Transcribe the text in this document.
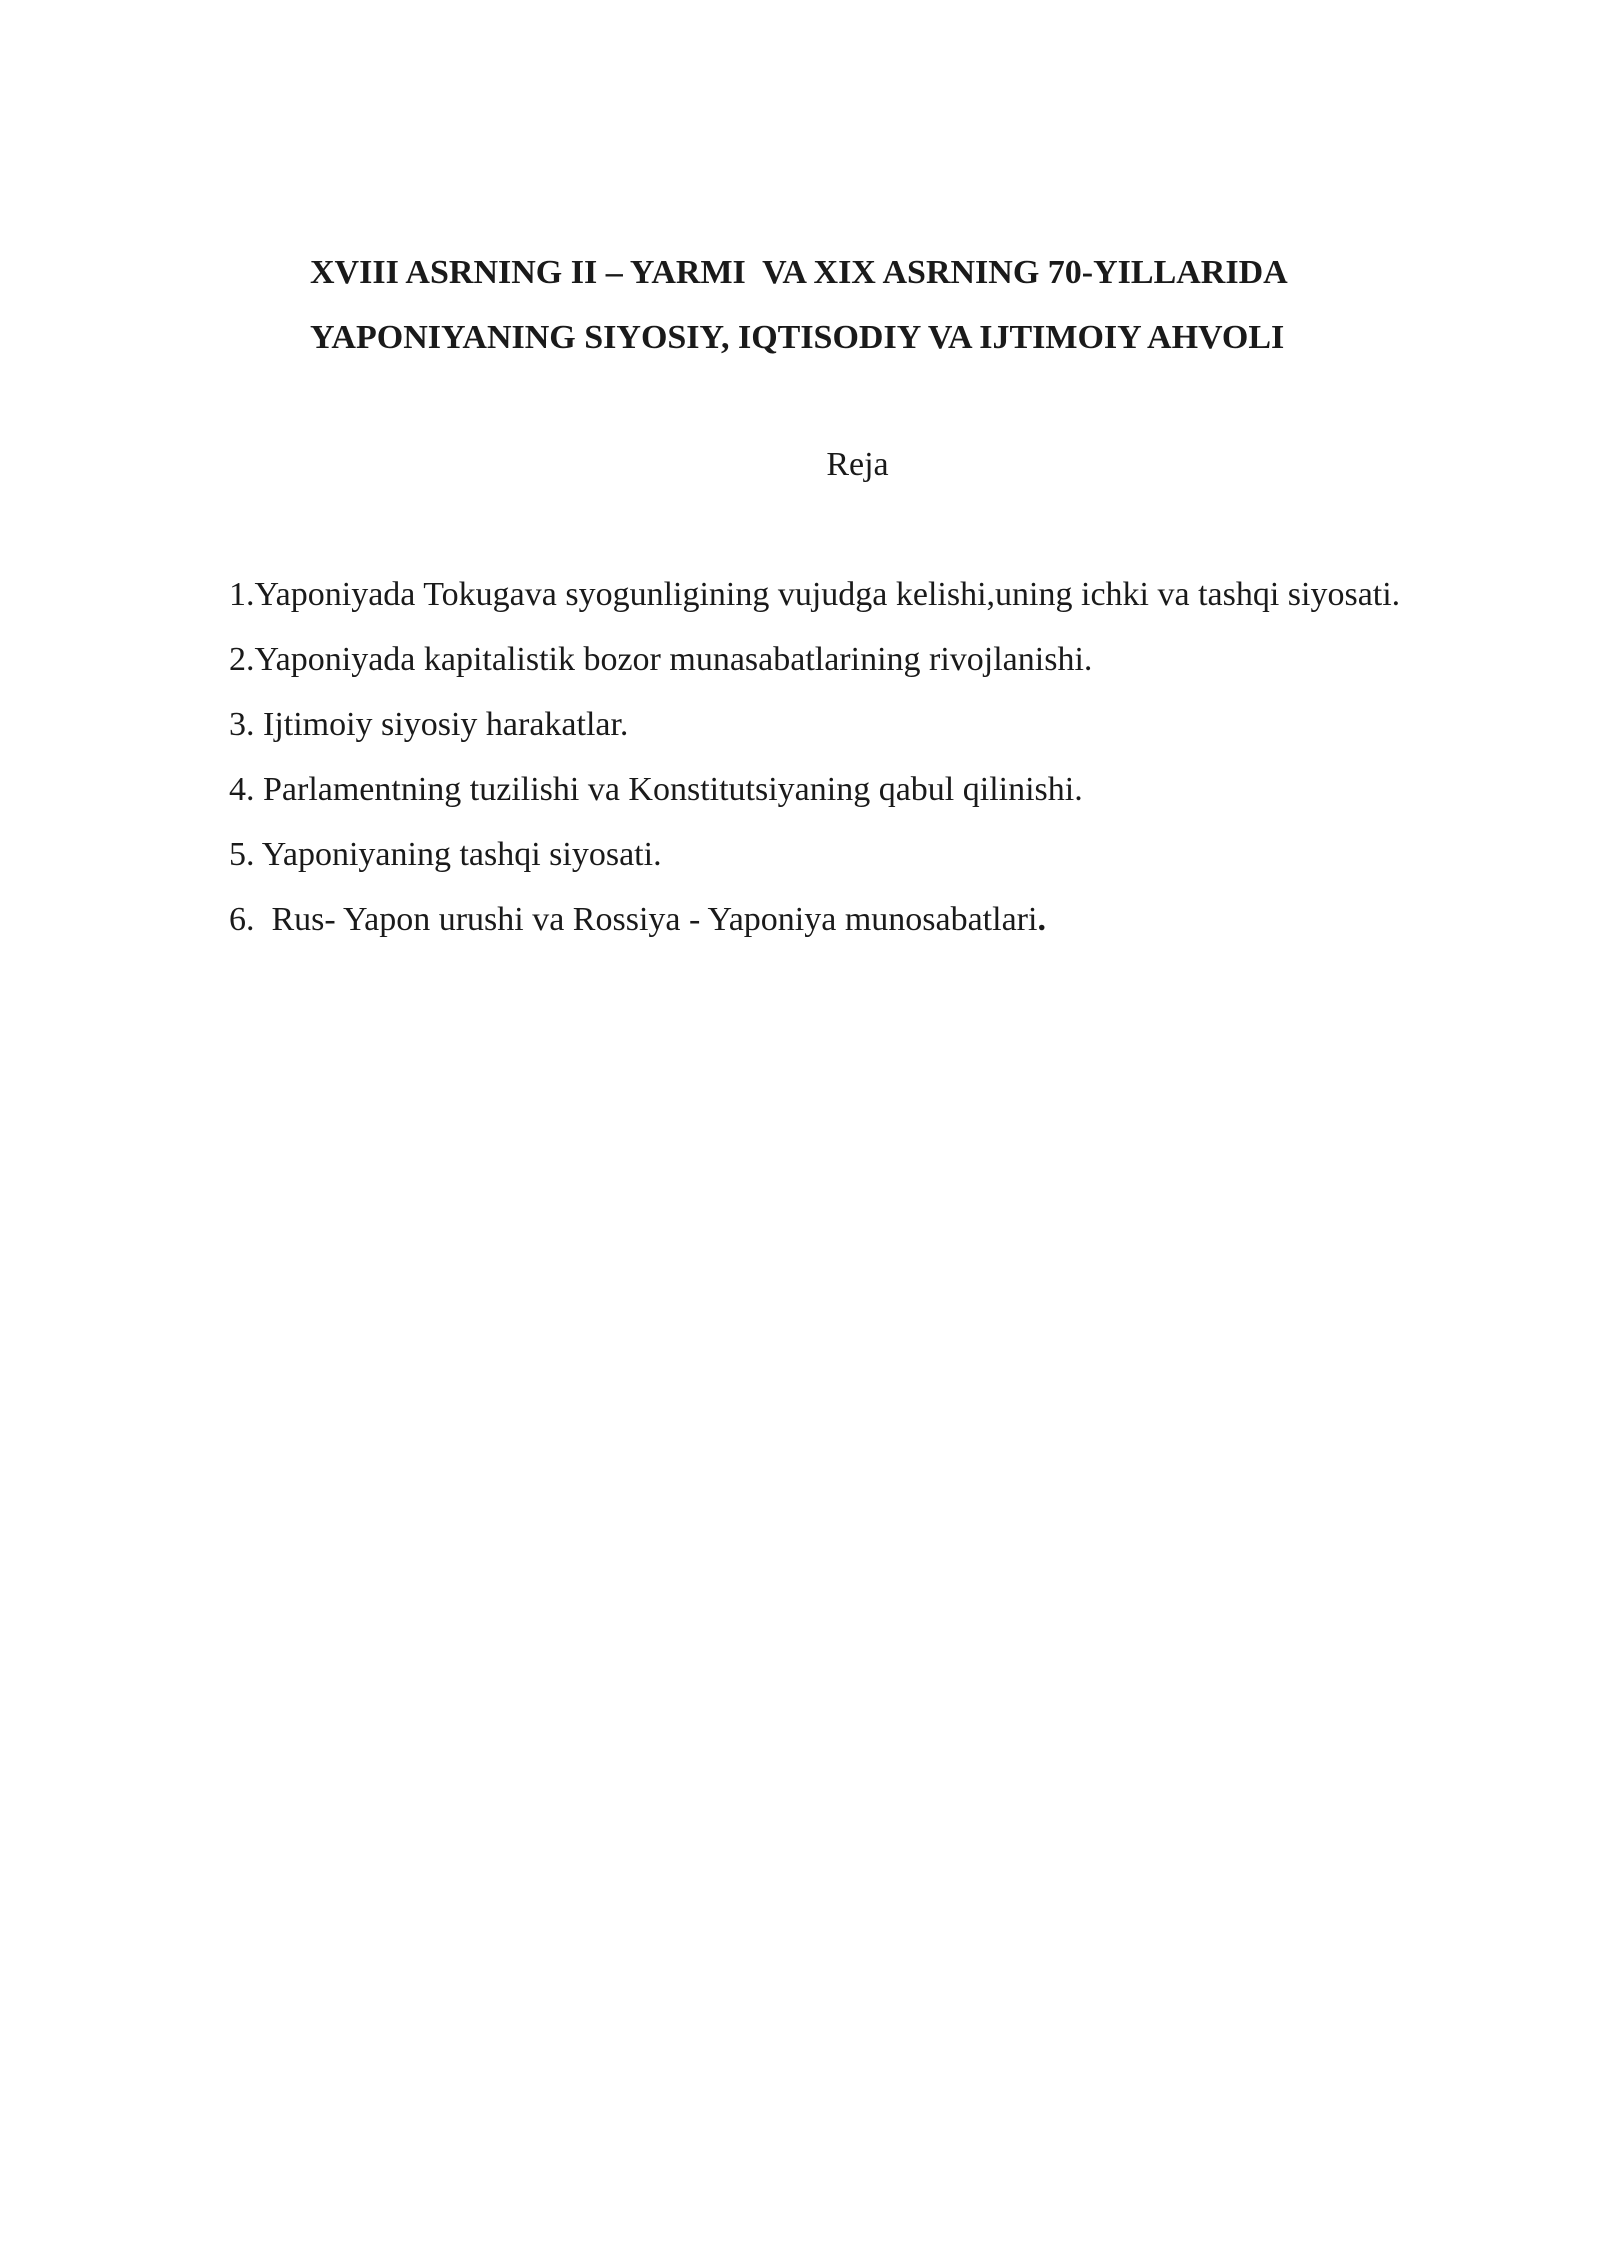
XVIII ASRNING II – YARMI  VA XIX ASRNING 70-YILLARIDA

YAPONIYANING SIYOSIY, IQTISODIY VA IJTIMOIY AHVOLI

Reja

1.Yaponiyada Tokugava syogunligining vujudga kelishi,uning ichki va tashqi siyosati.
2.Yaponiyada kapitalistik bozor munasabatlarining rivojlanishi.
3. Ijtimoiy siyosiy harakatlar.
4. Parlamentning tuzilishi va Konstitutsiyaning qabul qilinishi.
5. Yaponiyaning tashqi siyosati.
6.  Rus- Yapon urushi va Rossiya - Yaponiya munosabatlari.
